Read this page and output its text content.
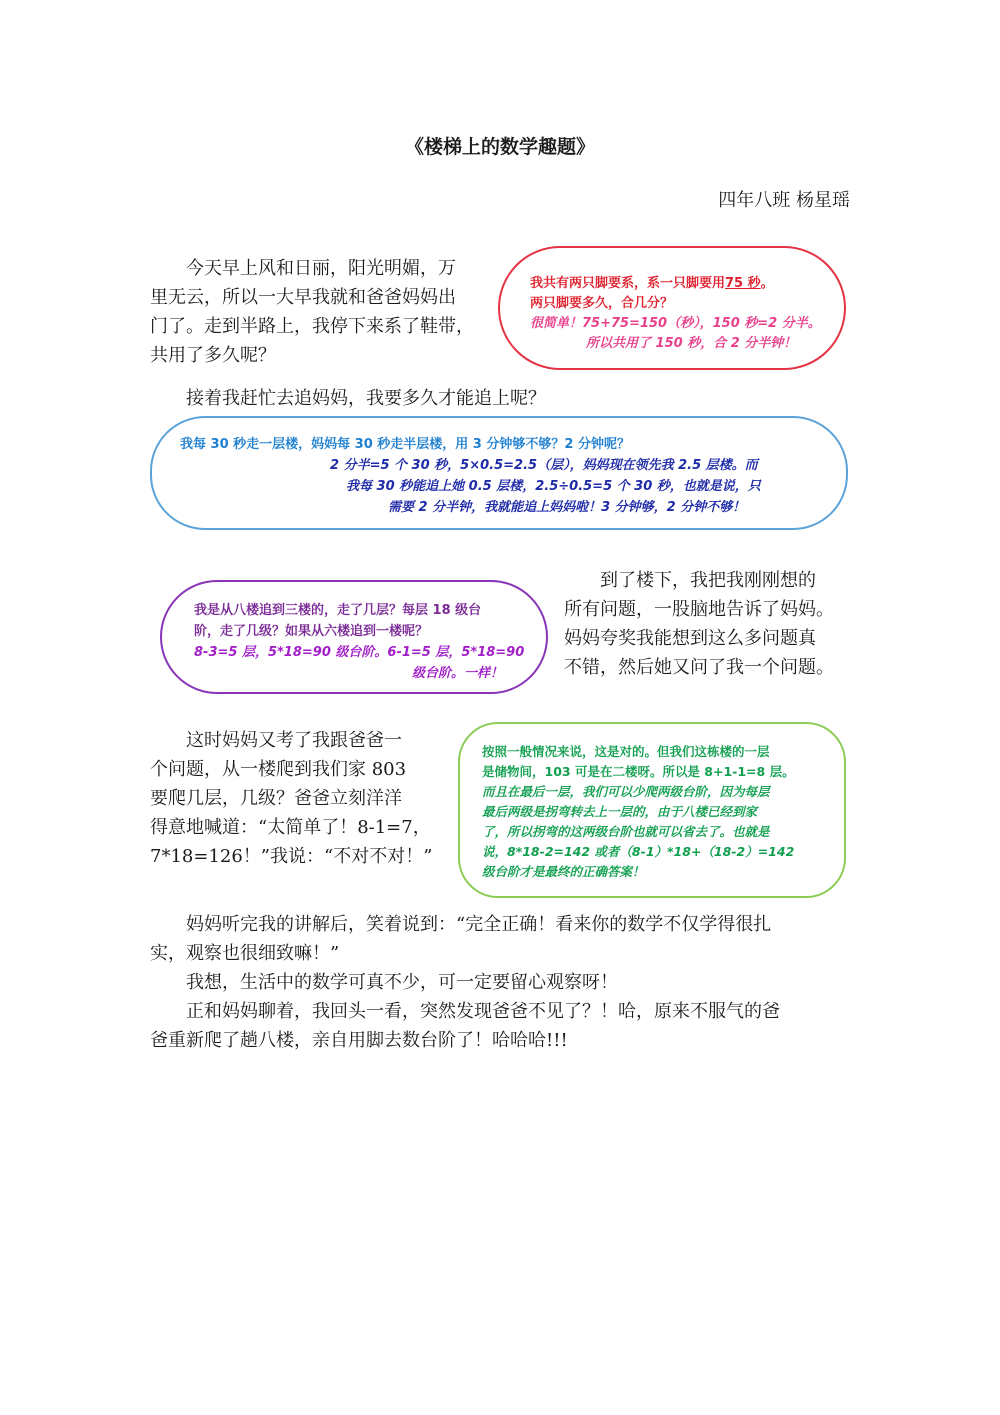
《楼梯上的数学趣题》
四年八班 杨星瑶
今天早上风和日丽，阳光明媚，万
里无云，所以一大早我就和爸爸妈妈出
门了。走到半路上，我停下来系了鞋带，
共用了多久呢？
我共有两只脚要系，系一只脚要用75 秒。
两只脚要多久，合几分？
很简单！75+75=150（秒），150 秒=2 分半。
所以共用了 150 秒，合 2 分半钟！
接着我赶忙去追妈妈，我要多久才能追上呢？
我每 30 秒走一层楼，妈妈每 30 秒走半层楼，用 3 分钟够不够？2 分钟呢？
2 分半=5 个 30 秒，5×0.5=2.5（层），妈妈现在领先我 2.5 层楼。而
我每 30 秒能追上她 0.5 层楼，2.5÷0.5=5 个 30 秒，也就是说，只
需要 2 分半钟，我就能追上妈妈啦！3 分钟够，2 分钟不够！
我是从八楼追到三楼的，走了几层？每层 18 级台
阶，走了几级？如果从六楼追到一楼呢？
8-3=5 层，5*18=90 级台阶。6-1=5 层，5*18=90
级台阶。一样！
到了楼下，我把我刚刚想的
所有问题，一股脑地告诉了妈妈。
妈妈夸奖我能想到这么多问题真
不错，然后她又问了我一个问题。
这时妈妈又考了我跟爸爸一
个问题，从一楼爬到我们家 803
要爬几层，几级？爸爸立刻洋洋
得意地喊道：“太简单了！8-1=7，
7*18=126！”我说：“不对不对！”
按照一般情况来说，这是对的。但我们这栋楼的一层
是储物间，103 可是在二楼呀。所以是 8+1-1=8 层。
而且在最后一层，我们可以少爬两级台阶，因为每层
最后两级是拐弯转去上一层的，由于八楼已经到家
了，所以拐弯的这两级台阶也就可以省去了。也就是
说，8*18-2=142 或者（8-1）*18+（18-2）=142
级台阶才是最终的正确答案！
妈妈听完我的讲解后，笑着说到：“完全正确！看来你的数学不仅学得很扎
实，观察也很细致嘛！”
我想，生活中的数学可真不少，可一定要留心观察呀！
正和妈妈聊着，我回头一看，突然发现爸爸不见了？！哈，原来不服气的爸
爸重新爬了趟八楼，亲自用脚去数台阶了！哈哈哈!!!
